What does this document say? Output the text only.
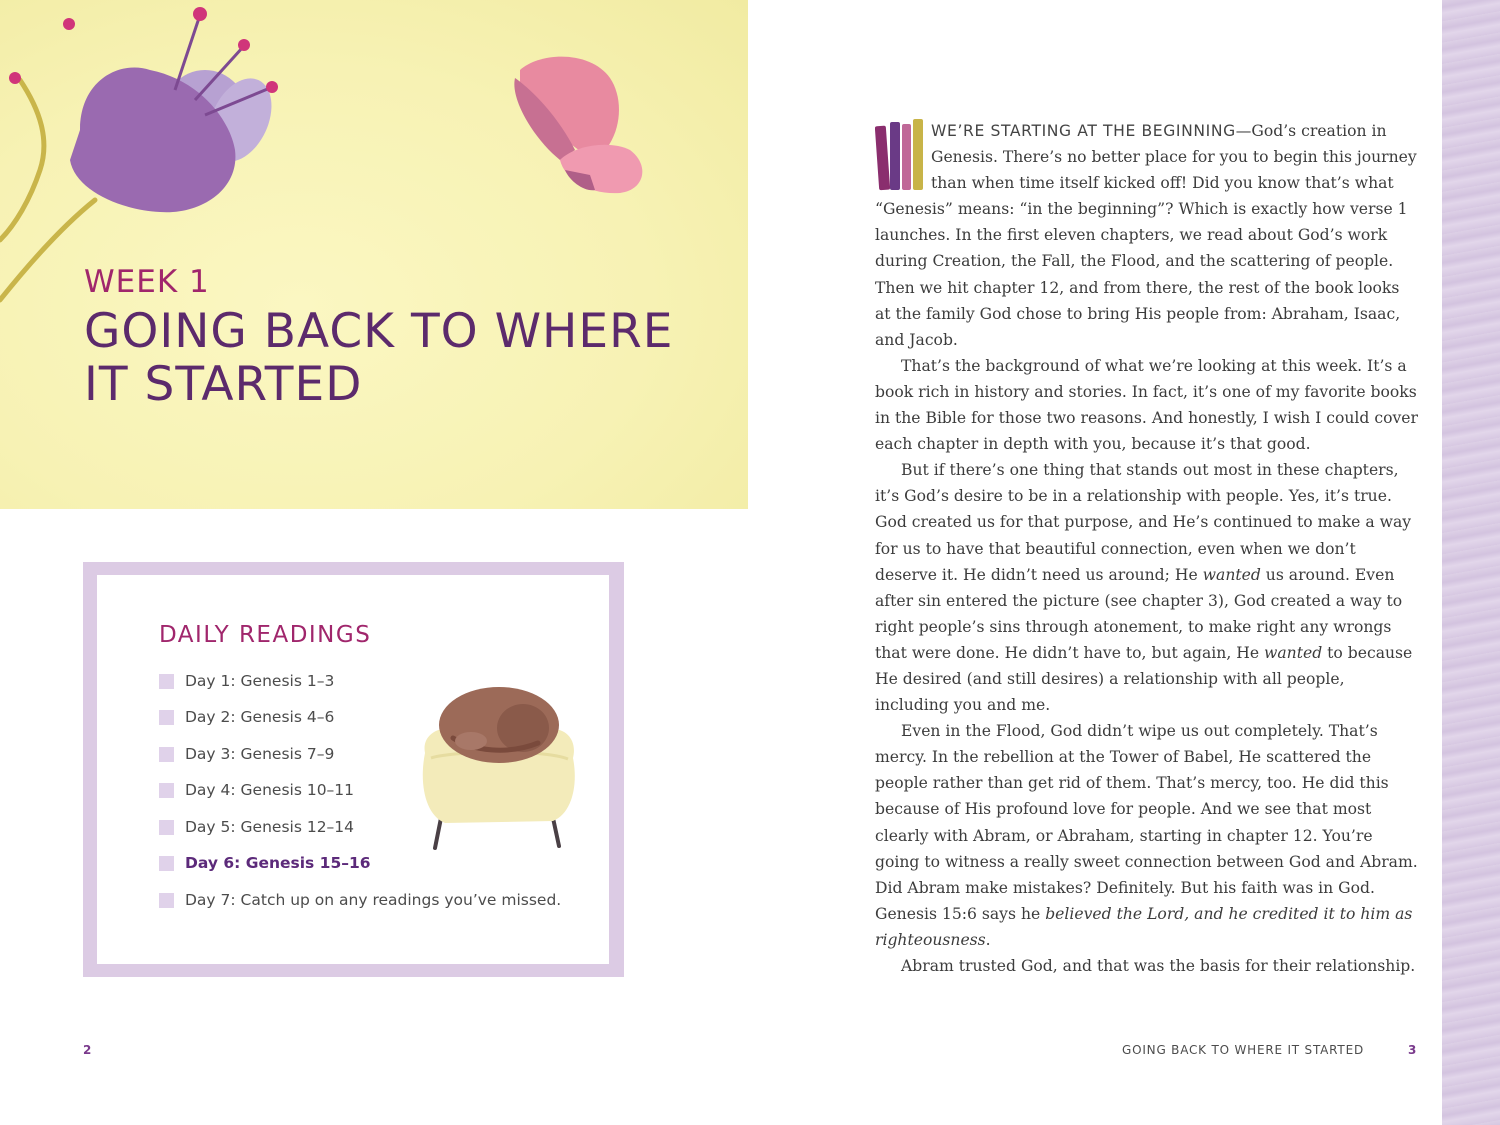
WEEK 1
GOING BACK TO WHERE IT STARTED
DAILY READINGS
Day 1: Genesis 1–3
Day 2: Genesis 4–6
Day 3: Genesis 7–9
Day 4: Genesis 10–11
Day 5: Genesis 12–14
Day 6: Genesis 15–16
Day 7: Catch up on any readings you’ve missed.
2

WE’RE STARTING AT THE BEGINNING—God’s creation in Genesis. There’s no better place for you to begin this journey than when time itself kicked off! Did you know that’s what “Genesis” means: “in the beginning”? Which is exactly how verse 1 launches. In the first eleven chapters, we read about God’s work during Creation, the Fall, the Flood, and the scattering of people. Then we hit chapter 12, and from there, the rest of the book looks at the family God chose to bring His people from: Abraham, Isaac, and Jacob.

That’s the background of what we’re looking at this week. It’s a book rich in history and stories. In fact, it’s one of my favorite books in the Bible for those two reasons. And honestly, I wish I could cover each chapter in depth with you, because it’s that good.

But if there’s one thing that stands out most in these chapters, it’s God’s desire to be in a relationship with people. Yes, it’s true. God created us for that purpose, and He’s continued to make a way for us to have that beautiful connection, even when we don’t deserve it. He didn’t need us around; He wanted us around. Even after sin entered the picture (see chapter 3), God created a way to right people’s sins through atonement, to make right any wrongs that were done. He didn’t have to, but again, He wanted to because He desired (and still desires) a relationship with all people, including you and me.

Even in the Flood, God didn’t wipe us out completely. That’s mercy. In the rebellion at the Tower of Babel, He scattered the people rather than get rid of them. That’s mercy, too. He did this because of His profound love for people. And we see that most clearly with Abram, or Abraham, starting in chapter 12. You’re going to witness a really sweet connection between God and Abram. Did Abram make mistakes? Definitely. But his faith was in God. Genesis 15:6 says he believed the Lord, and he credited it to him as righteousness.

Abram trusted God, and that was the basis for their relationship.

GOING BACK TO WHERE IT STARTED	3
